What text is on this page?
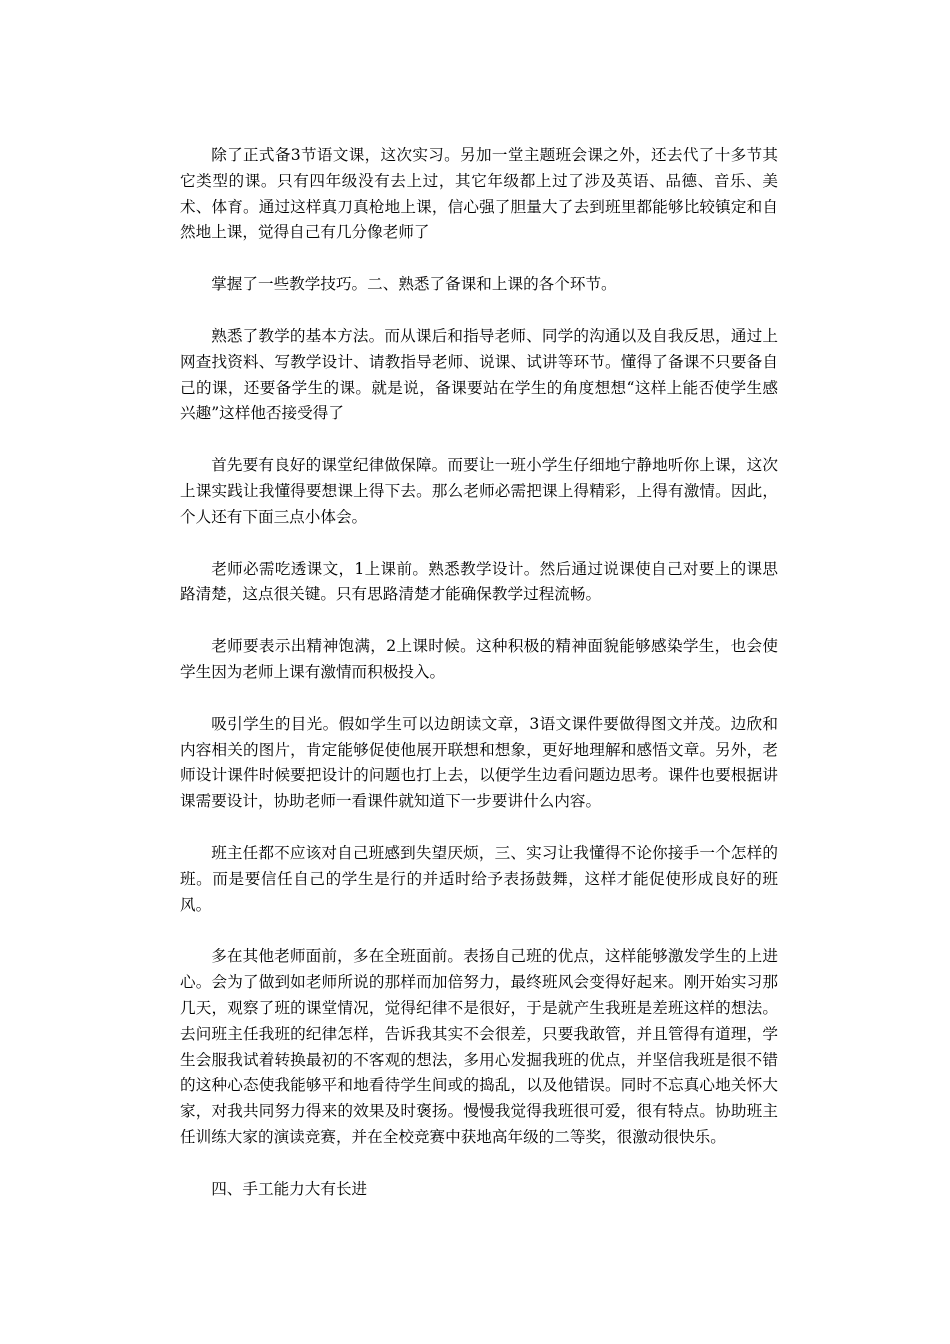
除了正式备3节语文课，这次实习。另加一堂主题班会课之外，还去代了十多节其它类型的课。只有四年级没有去上过，其它年级都上过了涉及英语、品德、音乐、美术、体育。通过这样真刀真枪地上课，信心强了胆量大了去到班里都能够比较镇定和自然地上课，觉得自己有几分像老师了

掌握了一些教学技巧。二、熟悉了备课和上课的各个环节。

熟悉了教学的基本方法。而从课后和指导老师、同学的沟通以及自我反思，通过上网查找资料、写教学设计、请教指导老师、说课、试讲等环节。懂得了备课不只要备自己的课，还要备学生的课。就是说，备课要站在学生的角度想想“这样上能否使学生感兴趣”这样他否接受得了

首先要有良好的课堂纪律做保障。而要让一班小学生仔细地宁静地听你上课，这次上课实践让我懂得要想课上得下去。那么老师必需把课上得精彩，上得有激情。因此，个人还有下面三点小体会。

老师必需吃透课文，1上课前。熟悉教学设计。然后通过说课使自己对要上的课思路清楚，这点很关键。只有思路清楚才能确保教学过程流畅。

老师要表示出精神饱满，2上课时候。这种积极的精神面貌能够感染学生，也会使学生因为老师上课有激情而积极投入。

吸引学生的目光。假如学生可以边朗读文章，3语文课件要做得图文并茂。边欣和内容相关的图片，肯定能够促使他展开联想和想象，更好地理解和感悟文章。另外，老师设计课件时候要把设计的问题也打上去，以便学生边看问题边思考。课件也要根据讲课需要设计，协助老师一看课件就知道下一步要讲什么内容。

班主任都不应该对自己班感到失望厌烦，三、实习让我懂得不论你接手一个怎样的班。而是要信任自己的学生是行的并适时给予表扬鼓舞，这样才能促使形成良好的班风。

多在其他老师面前，多在全班面前。表扬自己班的优点，这样能够激发学生的上进心。会为了做到如老师所说的那样而加倍努力，最终班风会变得好起来。刚开始实习那几天，观察了班的课堂情况，觉得纪律不是很好，于是就产生我班是差班这样的想法。去问班主任我班的纪律怎样，告诉我其实不会很差，只要我敢管，并且管得有道理，学生会服我试着转换最初的不客观的想法，多用心发掘我班的优点，并坚信我班是很不错的这种心态使我能够平和地看待学生间或的捣乱，以及他错误。同时不忘真心地关怀大家，对我共同努力得来的效果及时褒扬。慢慢我觉得我班很可爱，很有特点。协助班主任训练大家的演读竞赛，并在全校竞赛中获地高年级的二等奖，很激动很快乐。

四、手工能力大有长进
